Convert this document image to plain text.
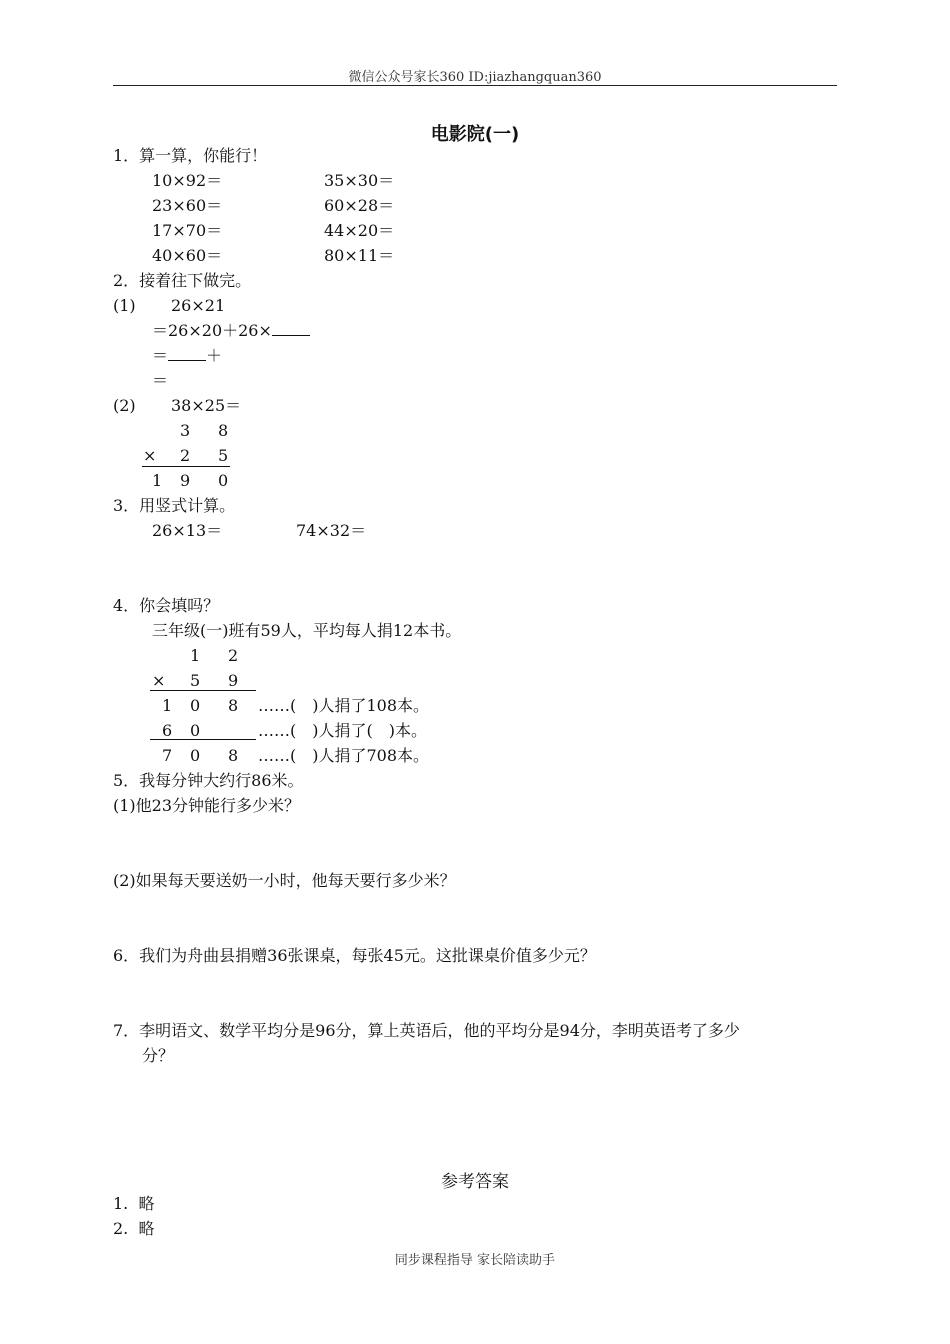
微信公众号家长360 ID:jiazhangquan360
电影院(一)
1．算一算，你能行！
10×92＝	35×30＝
23×60＝	60×28＝
17×70＝	44×20＝
40×60＝	80×11＝
2．接着往下做完。
(1) 26×21
＝26×20＋26×
＝ ＋
＝
(2) 38×25＝
3 8
× 2 5
1 9 0
3．用竖式计算。
26×13＝	74×32＝
4．你会填吗？
三年级(一)班有59人，平均每人捐12本书。
1 2
× 5 9
1 0 8 ……(　)人捐了108本。
6 0	……(　)人捐了(　)本。
7 0 8 ……(　)人捐了708本。
5．我每分钟大约行86米。
(1)他23分钟能行多少米？
(2)如果每天要送奶一小时，他每天要行多少米？
6．我们为舟曲县捐赠36张课桌，每张45元。这批课桌价值多少元？
7．李明语文、数学平均分是96分，算上英语后，他的平均分是94分，李明英语考了多少
分？
参考答案
1.  略
2.  略
同步课程指导 家长陪读助手
